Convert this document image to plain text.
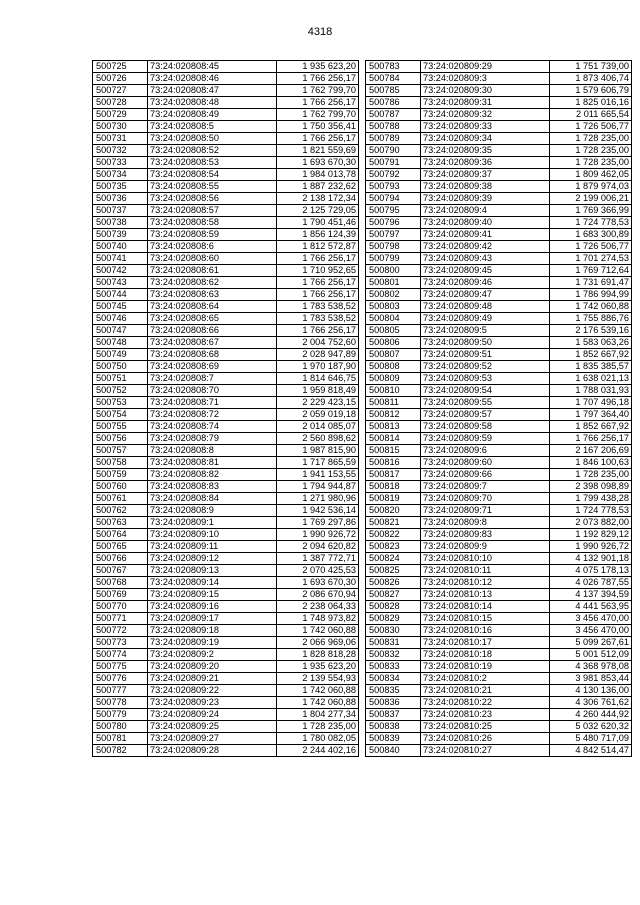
4318
500725	73:24:020808:45	1 935 623,20
500726	73:24:020808:46	1 766 256,17
500727	73:24:020808:47	1 762 799,70
500728	73:24:020808:48	1 766 256,17
500729	73:24:020808:49	1 762 799,70
500730	73:24:020808:5	1 750 356,41
500731	73:24:020808:50	1 766 256,17
500732	73:24:020808:52	1 821 559,69
500733	73:24:020808:53	1 693 670,30
500734	73:24:020808:54	1 984 013,78
500735	73:24:020808:55	1 887 232,62
500736	73:24:020808:56	2 138 172,34
500737	73:24:020808:57	2 125 729,05
500738	73:24:020808:58	1 790 451,46
500739	73:24:020808:59	1 856 124,39
500740	73:24:020808:6	1 812 572,87
500741	73:24:020808:60	1 766 256,17
500742	73:24:020808:61	1 710 952,65
500743	73:24:020808:62	1 766 256,17
500744	73:24:020808:63	1 766 256,17
500745	73:24:020808:64	1 783 538,52
500746	73:24:020808:65	1 783 538,52
500747	73:24:020808:66	1 766 256,17
500748	73:24:020808:67	2 004 752,60
500749	73:24:020808:68	2 028 947,89
500750	73:24:020808:69	1 970 187,90
500751	73:24:020808:7	1 814 646,75
500752	73:24:020808:70	1 959 818,49
500753	73:24:020808:71	2 229 423,15
500754	73:24:020808:72	2 059 019,18
500755	73:24:020808:74	2 014 085,07
500756	73:24:020808:79	2 560 898,62
500757	73:24:020808:8	1 987 815,90
500758	73:24:020808:81	1 717 865,59
500759	73:24:020808:82	1 941 153,55
500760	73:24:020808:83	1 794 944,87
500761	73:24:020808:84	1 271 980,96
500762	73:24:020808:9	1 942 536,14
500763	73:24:020809:1	1 769 297,86
500764	73:24:020809:10	1 990 926,72
500765	73:24:020809:11	2 094 620,82
500766	73:24:020809:12	1 387 772,71
500767	73:24:020809:13	2 070 425,53
500768	73:24:020809:14	1 693 670,30
500769	73:24:020809:15	2 086 670,94
500770	73:24:020809:16	2 238 064,33
500771	73:24:020809:17	1 748 973,82
500772	73:24:020809:18	1 742 060,88
500773	73:24:020809:19	2 066 969,06
500774	73:24:020809:2	1 828 818,28
500775	73:24:020809:20	1 935 623,20
500776	73:24:020809:21	2 139 554,93
500777	73:24:020809:22	1 742 060,88
500778	73:24:020809:23	1 742 060,88
500779	73:24:020809:24	1 804 277,34
500780	73:24:020809:25	1 728 235,00
500781	73:24:020809:27	1 780 082,05
500782	73:24:020809:28	2 244 402,16
500783	73:24:020809:29	1 751 739,00
500784	73:24:020809:3	1 873 406,74
500785	73:24:020809:30	1 579 606,79
500786	73:24:020809:31	1 825 016,16
500787	73:24:020809:32	2 011 665,54
500788	73:24:020809:33	1 726 506,77
500789	73:24:020809:34	1 728 235,00
500790	73:24:020809:35	1 728 235,00
500791	73:24:020809:36	1 728 235,00
500792	73:24:020809:37	1 809 462,05
500793	73:24:020809:38	1 879 974,03
500794	73:24:020809:39	2 199 006,21
500795	73:24:020809:4	1 769 366,99
500796	73:24:020809:40	1 724 778,53
500797	73:24:020809:41	1 683 300,89
500798	73:24:020809:42	1 726 506,77
500799	73:24:020809:43	1 701 274,53
500800	73:24:020809:45	1 769 712,64
500801	73:24:020809:46	1 731 691,47
500802	73:24:020809:47	1 786 994,99
500803	73:24:020809:48	1 742 060,88
500804	73:24:020809:49	1 755 886,76
500805	73:24:020809:5	2 176 539,16
500806	73:24:020809:50	1 583 063,26
500807	73:24:020809:51	1 852 667,92
500808	73:24:020809:52	1 835 385,57
500809	73:24:020809:53	1 638 021,13
500810	73:24:020809:54	1 788 031,93
500811	73:24:020809:55	1 707 496,18
500812	73:24:020809:57	1 797 364,40
500813	73:24:020809:58	1 852 667,92
500814	73:24:020809:59	1 766 256,17
500815	73:24:020809:6	2 167 206,69
500816	73:24:020809:60	1 846 100,63
500817	73:24:020809:66	1 728 235,00
500818	73:24:020809:7	2 398 098,89
500819	73:24:020809:70	1 799 438,28
500820	73:24:020809:71	1 724 778,53
500821	73:24:020809:8	2 073 882,00
500822	73:24:020809:83	1 192 829,12
500823	73:24:020809:9	1 990 926,72
500824	73:24:020810:10	4 132 901,18
500825	73:24:020810:11	4 075 178,13
500826	73:24:020810:12	4 026 787,55
500827	73:24:020810:13	4 137 394,59
500828	73:24:020810:14	4 441 563,95
500829	73:24:020810:15	3 456 470,00
500830	73:24:020810:16	3 456 470,00
500831	73:24:020810:17	5 099 267,61
500832	73:24:020810:18	5 001 512,09
500833	73:24:020810:19	4 368 978,08
500834	73:24:020810:2	3 981 853,44
500835	73:24:020810:21	4 130 136,00
500836	73:24:020810:22	4 306 761,62
500837	73:24:020810:23	4 260 444,92
500838	73:24:020810:25	5 032 620,32
500839	73:24:020810:26	5 480 717,09
500840	73:24:020810:27	4 842 514,47
